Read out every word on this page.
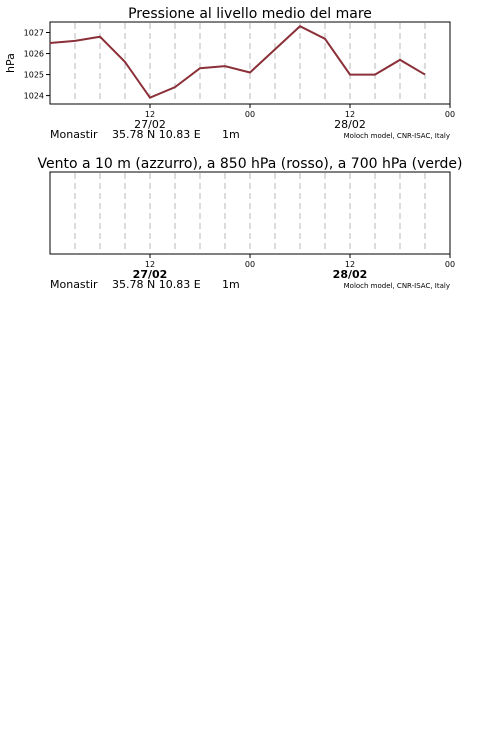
Pressione al livello medio del mare
12	00	12	00
27/02	28/02
Monastir 35.78 N 10.83 E 1m	Moloch model, CNR-ISAC, Italy
1024
1025
1026
1027
hPa
Vento a 10 m (azzurro), a 850 hPa (rosso), a 700 hPa (verde)
12	00	12	00
27/02	28/02
Monastir 35.78 N 10.83 E 1m	Moloch model, CNR-ISAC, Italy
